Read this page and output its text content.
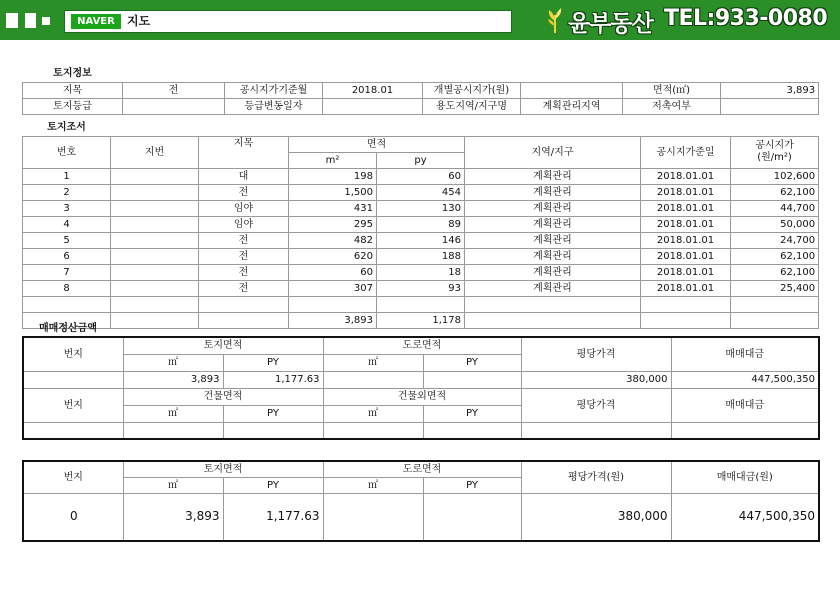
NAVER	지도	윤부동산 TEL:933-0080
토지정보							
지목	전	공시지가기준월	2018.01	개별공시지가(원)		면적(㎡)	3,893
토지등급		등급변동일자		용도지역/지구명	계획관리지역	저촉여부	
토지조서							
번호	지번	지목	면적		지역/지구	공시지가준일	공시지가
(원/m²)

			m²	py			
1		대	198	60	계획관리	2018.01.01	102,600
2		전	1,500	454	계획관리	2018.01.01	62,100
3		임야	431	130	계획관리	2018.01.01	44,700
4		임야	295	89	계획관리	2018.01.01	50,000
5		전	482	146	계획관리	2018.01.01	24,700
6		전	620	188	계획관리	2018.01.01	62,100
7		전	60	18	계획관리	2018.01.01	62,100
8		전	307	93	계획관리	2018.01.01	25,400

			3,893	1,178			
매매정산금액						
번지	토지면적		도로면적		평당가격	매매대금
	㎡	PY	㎡	PY		
	3,893	1,177.63			380,000	447,500,350
번지	건물면적		건물외면적		평당가격	매매대금
	㎡	PY	㎡	PY		

번지	토지면적		도로면적		평당가격(원)	매매대금(원)
	㎡	PY	㎡	PY		
0	3,893	1,177.63			380,000	447,500,350
